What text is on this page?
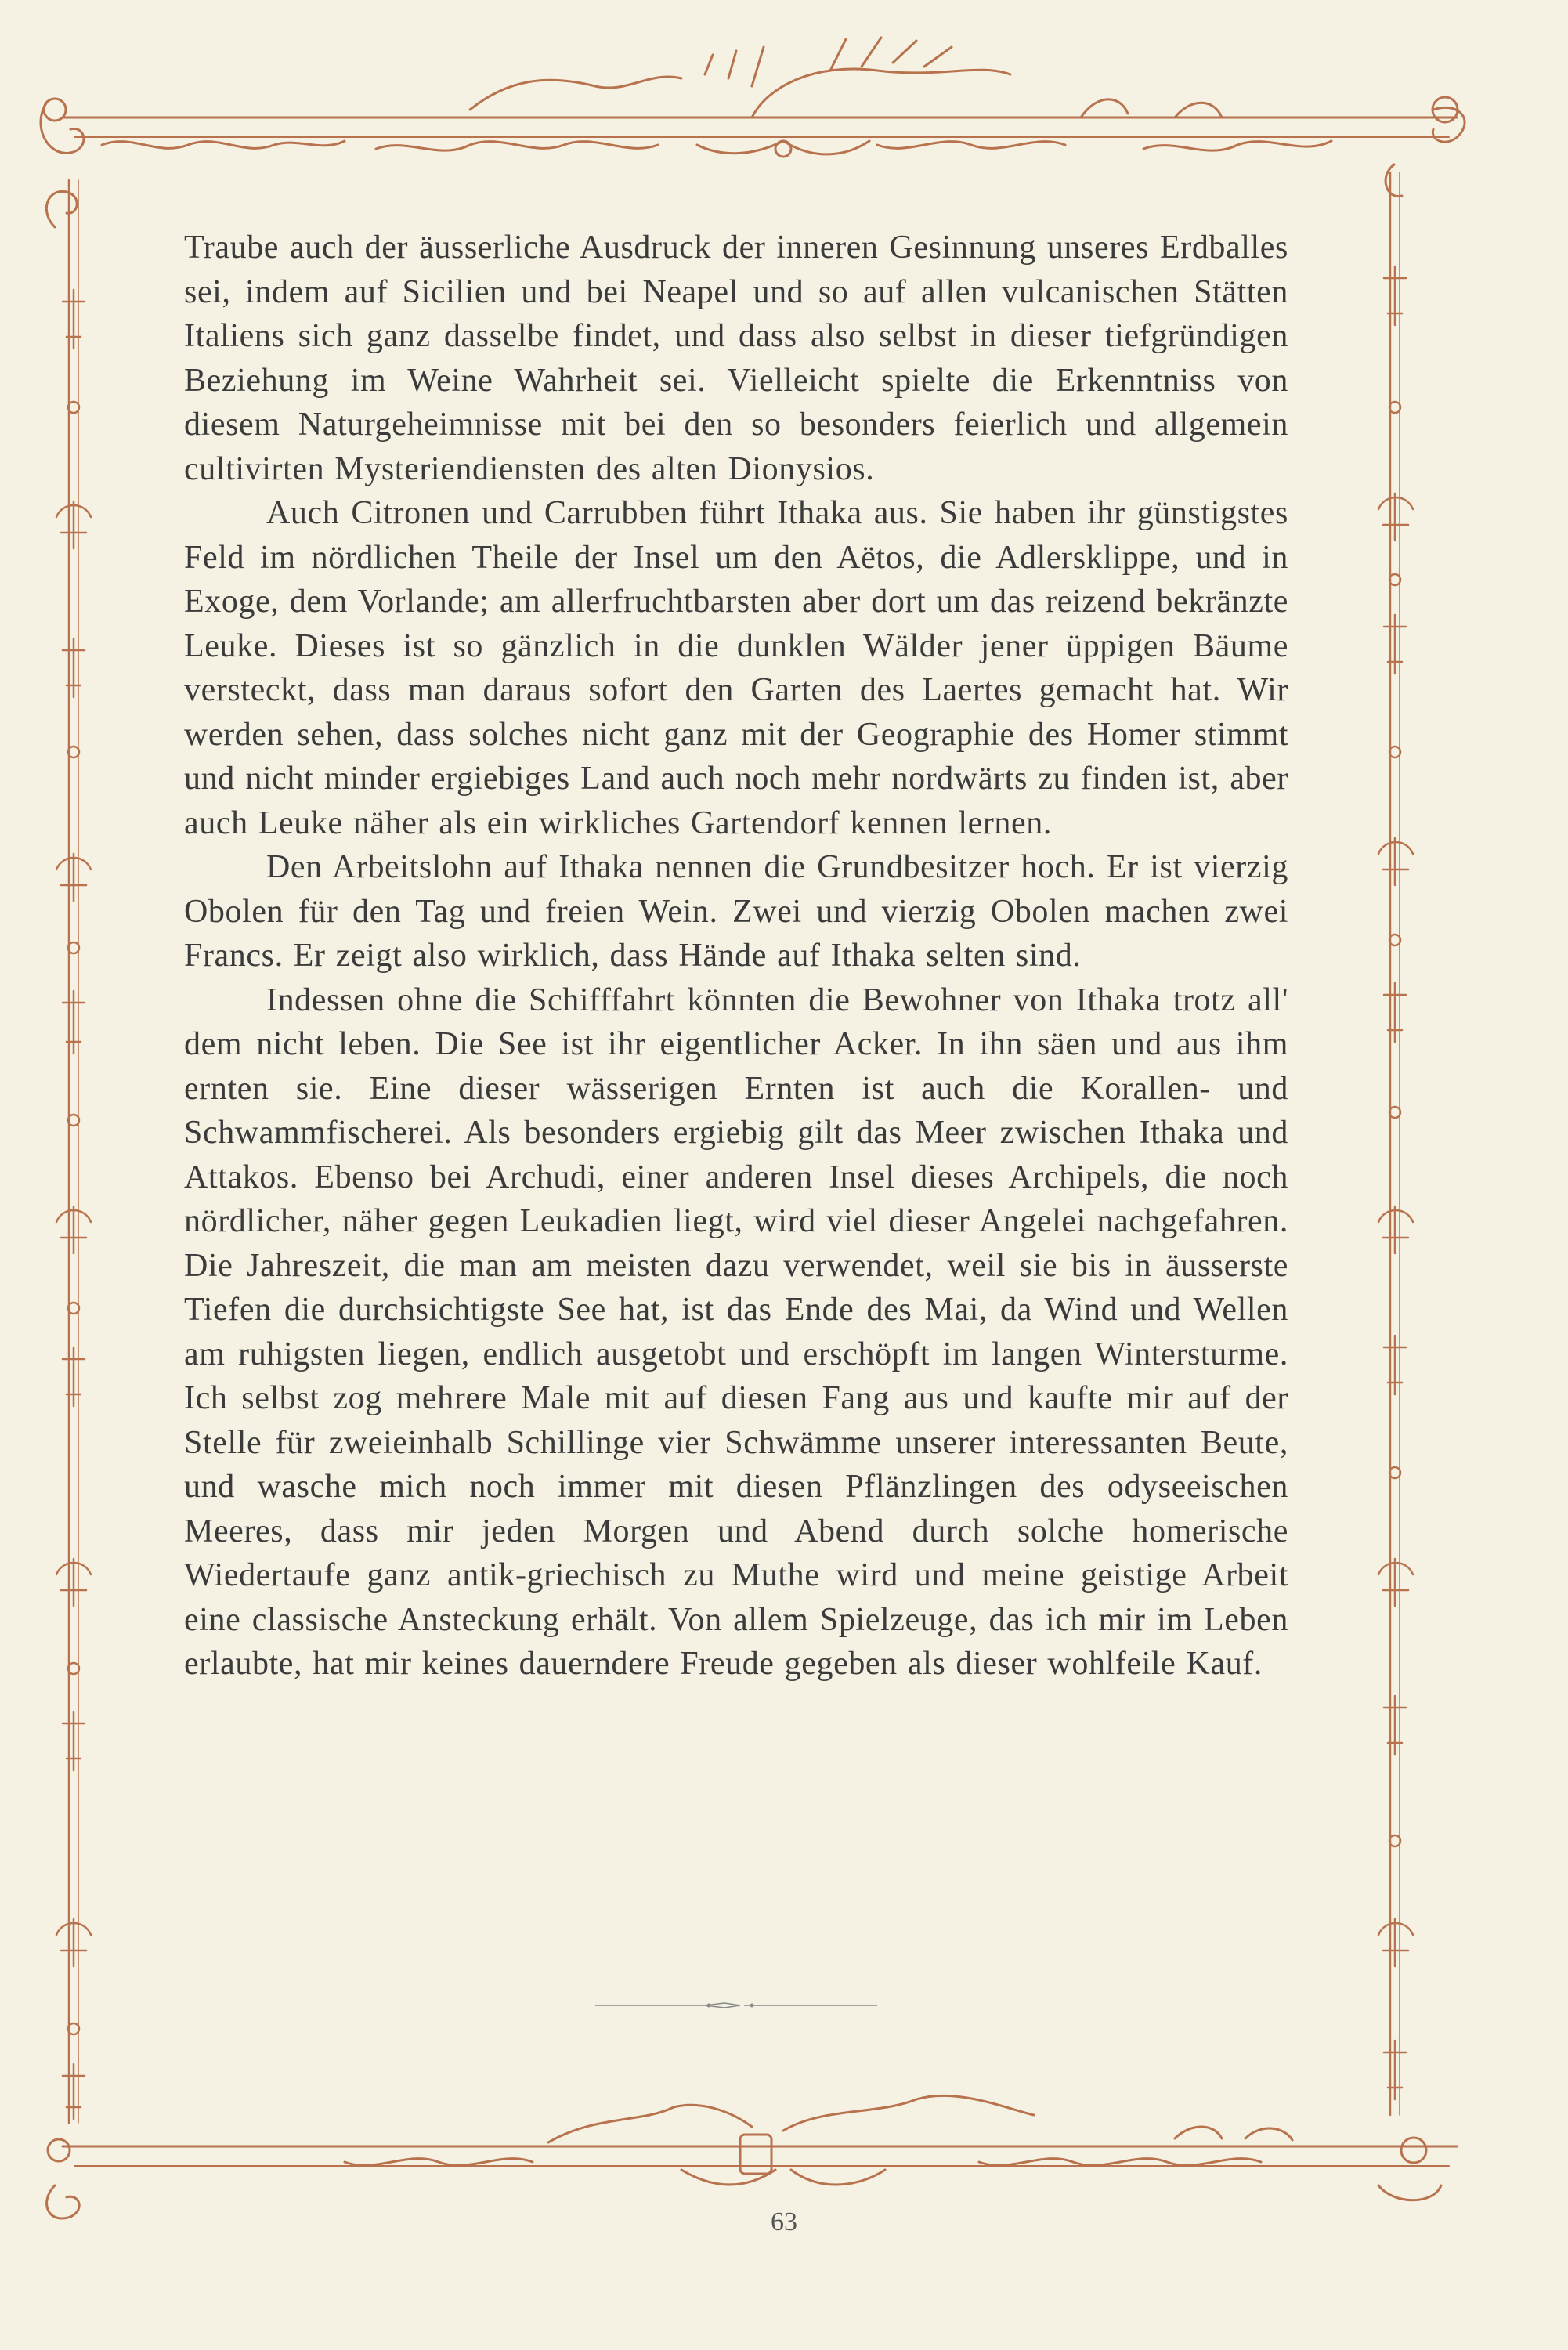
Traube auch der äusserliche Ausdruck der inneren Gesinnung unseres Erdballes sei, indem auf Sicilien und bei Neapel und so auf allen vulcanischen Stätten Italiens sich ganz dasselbe findet, und dass also selbst in dieser tiefgründigen Beziehung im Weine Wahrheit sei. Vielleicht spielte die Erkenntniss von diesem Naturgeheimnisse mit bei den so besonders feierlich und allgemein cultivirten Mysteriendiensten des alten Dionysios.

Auch Citronen und Carrubben führt Ithaka aus. Sie haben ihr günstigstes Feld im nördlichen Theile der Insel um den Aëtos, die Adlersklippe, und in Exoge, dem Vorlande; am allerfruchtbarsten aber dort um das reizend bekränzte Leuke. Dieses ist so gänzlich in die dunklen Wälder jener üppigen Bäume versteckt, dass man daraus sofort den Garten des Laertes gemacht hat. Wir werden sehen, dass solches nicht ganz mit der Geographie des Homer stimmt und nicht minder ergiebiges Land auch noch mehr nordwärts zu finden ist, aber auch Leuke näher als ein wirkliches Gartendorf kennen lernen.

Den Arbeitslohn auf Ithaka nennen die Grundbesitzer hoch. Er ist vierzig Obolen für den Tag und freien Wein. Zwei und vierzig Obolen machen zwei Francs. Er zeigt also wirklich, dass Hände auf Ithaka selten sind.

Indessen ohne die Schifffahrt könnten die Bewohner von Ithaka trotz all' dem nicht leben. Die See ist ihr eigentlicher Acker. In ihn säen und aus ihm ernten sie. Eine dieser wässerigen Ernten ist auch die Korallen- und Schwammfischerei. Als besonders ergiebig gilt das Meer zwischen Ithaka und Attakos. Ebenso bei Archudi, einer anderen Insel dieses Archipels, die noch nördlicher, näher gegen Leukadien liegt, wird viel dieser Angelei nachgefahren. Die Jahreszeit, die man am meisten dazu verwendet, weil sie bis in äusserste Tiefen die durchsichtigste See hat, ist das Ende des Mai, da Wind und Wellen am ruhigsten liegen, endlich ausgetobt und erschöpft im langen Wintersturme. Ich selbst zog mehrere Male mit auf diesen Fang aus und kaufte mir auf der Stelle für zweieinhalb Schillinge vier Schwämme unserer interessanten Beute, und wasche mich noch immer mit diesen Pflänzlingen des odyseeischen Meeres, dass mir jeden Morgen und Abend durch solche homerische Wiedertaufe ganz antik-griechisch zu Muthe wird und meine geistige Arbeit eine classische Ansteckung erhält. Von allem Spielzeuge, das ich mir im Leben erlaubte, hat mir keines dauerndere Freude gegeben als dieser wohlfeile Kauf.

63
